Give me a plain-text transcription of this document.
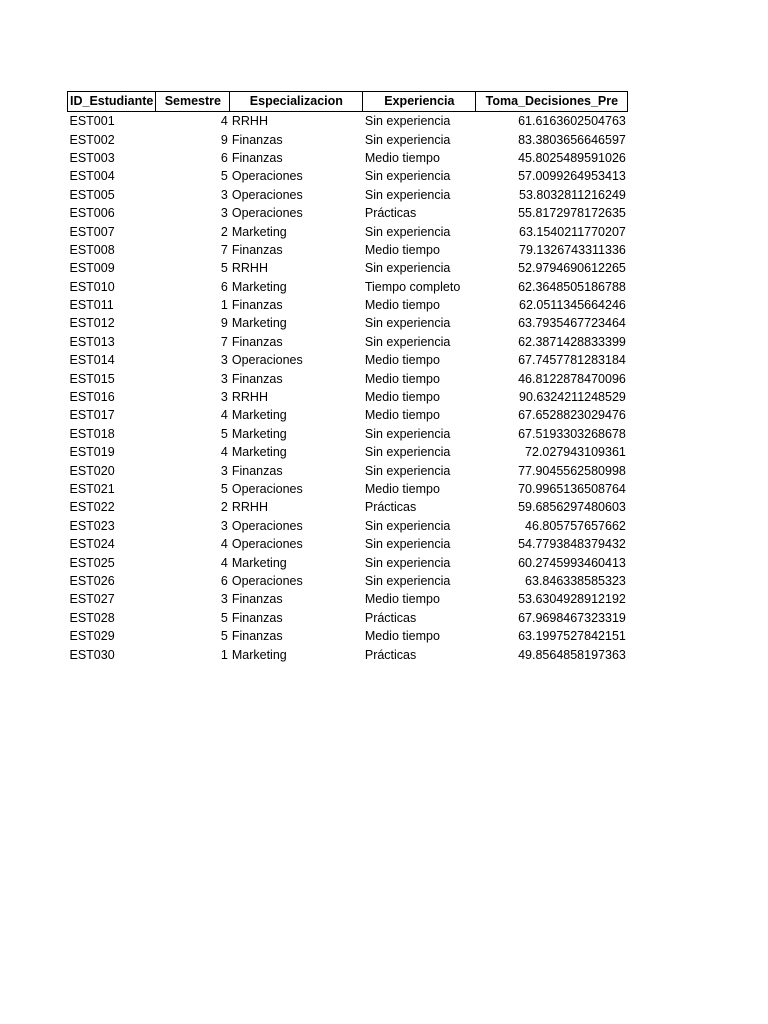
ID_Estudiante	Semestre	Especializacion	Experiencia	Toma_Decisiones_Pre
EST001	4	RRHH	Sin experiencia	61.6163602504763
EST002	9	Finanzas	Sin experiencia	83.3803656646597
EST003	6	Finanzas	Medio tiempo	45.8025489591026
EST004	5	Operaciones	Sin experiencia	57.0099264953413
EST005	3	Operaciones	Sin experiencia	53.8032811216249
EST006	3	Operaciones	Prácticas	55.8172978172635
EST007	2	Marketing	Sin experiencia	63.1540211770207
EST008	7	Finanzas	Medio tiempo	79.1326743311336
EST009	5	RRHH	Sin experiencia	52.9794690612265
EST010	6	Marketing	Tiempo completo	62.3648505186788
EST011	1	Finanzas	Medio tiempo	62.0511345664246
EST012	9	Marketing	Sin experiencia	63.7935467723464
EST013	7	Finanzas	Sin experiencia	62.3871428833399
EST014	3	Operaciones	Medio tiempo	67.7457781283184
EST015	3	Finanzas	Medio tiempo	46.8122878470096
EST016	3	RRHH	Medio tiempo	90.6324211248529
EST017	4	Marketing	Medio tiempo	67.6528823029476
EST018	5	Marketing	Sin experiencia	67.5193303268678
EST019	4	Marketing	Sin experiencia	72.027943109361
EST020	3	Finanzas	Sin experiencia	77.9045562580998
EST021	5	Operaciones	Medio tiempo	70.9965136508764
EST022	2	RRHH	Prácticas	59.6856297480603
EST023	3	Operaciones	Sin experiencia	46.805757657662
EST024	4	Operaciones	Sin experiencia	54.7793848379432
EST025	4	Marketing	Sin experiencia	60.2745993460413
EST026	6	Operaciones	Sin experiencia	63.846338585323
EST027	3	Finanzas	Medio tiempo	53.6304928912192
EST028	5	Finanzas	Prácticas	67.9698467323319
EST029	5	Finanzas	Medio tiempo	63.1997527842151
EST030	1	Marketing	Prácticas	49.8564858197363
